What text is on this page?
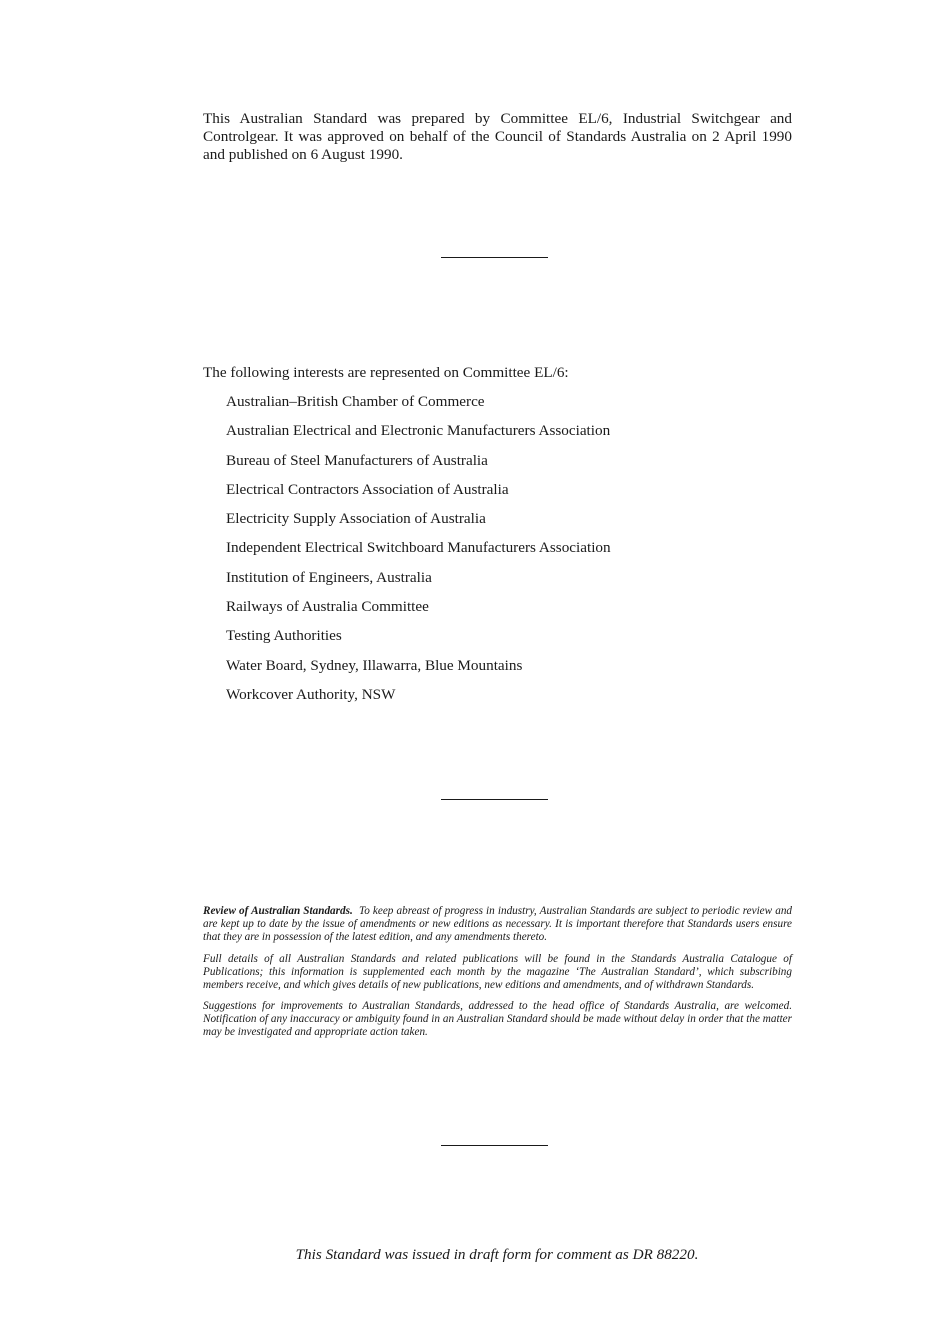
This Australian Standard was prepared by Committee EL/6, Industrial Switchgear and Controlgear. It was approved on behalf of the Council of Standards Australia on 2 April 1990 and published on 6 August 1990.

The following interests are represented on Committee EL/6:

Australian–British Chamber of Commerce
Australian Electrical and Electronic Manufacturers Association
Bureau of Steel Manufacturers of Australia
Electrical Contractors Association of Australia
Electricity Supply Association of Australia
Independent Electrical Switchboard Manufacturers Association
Institution of Engineers, Australia
Railways of Australia Committee
Testing Authorities
Water Board, Sydney, Illawarra, Blue Mountains
Workcover Authority, NSW

Review of Australian Standards. To keep abreast of progress in industry, Australian Standards are subject to periodic review and are kept up to date by the issue of amendments or new editions as necessary. It is important therefore that Standards users ensure that they are in possession of the latest edition, and any amendments thereto.

Full details of all Australian Standards and related publications will be found in the Standards Australia Catalogue of Publications; this information is supplemented each month by the magazine ‘The Australian Standard’, which subscribing members receive, and which gives details of new publications, new editions and amendments, and of withdrawn Standards.

Suggestions for improvements to Australian Standards, addressed to the head office of Standards Australia, are welcomed. Notification of any inaccuracy or ambiguity found in an Australian Standard should be made without delay in order that the matter may be investigated and appropriate action taken.

This Standard was issued in draft form for comment as DR 88220.
